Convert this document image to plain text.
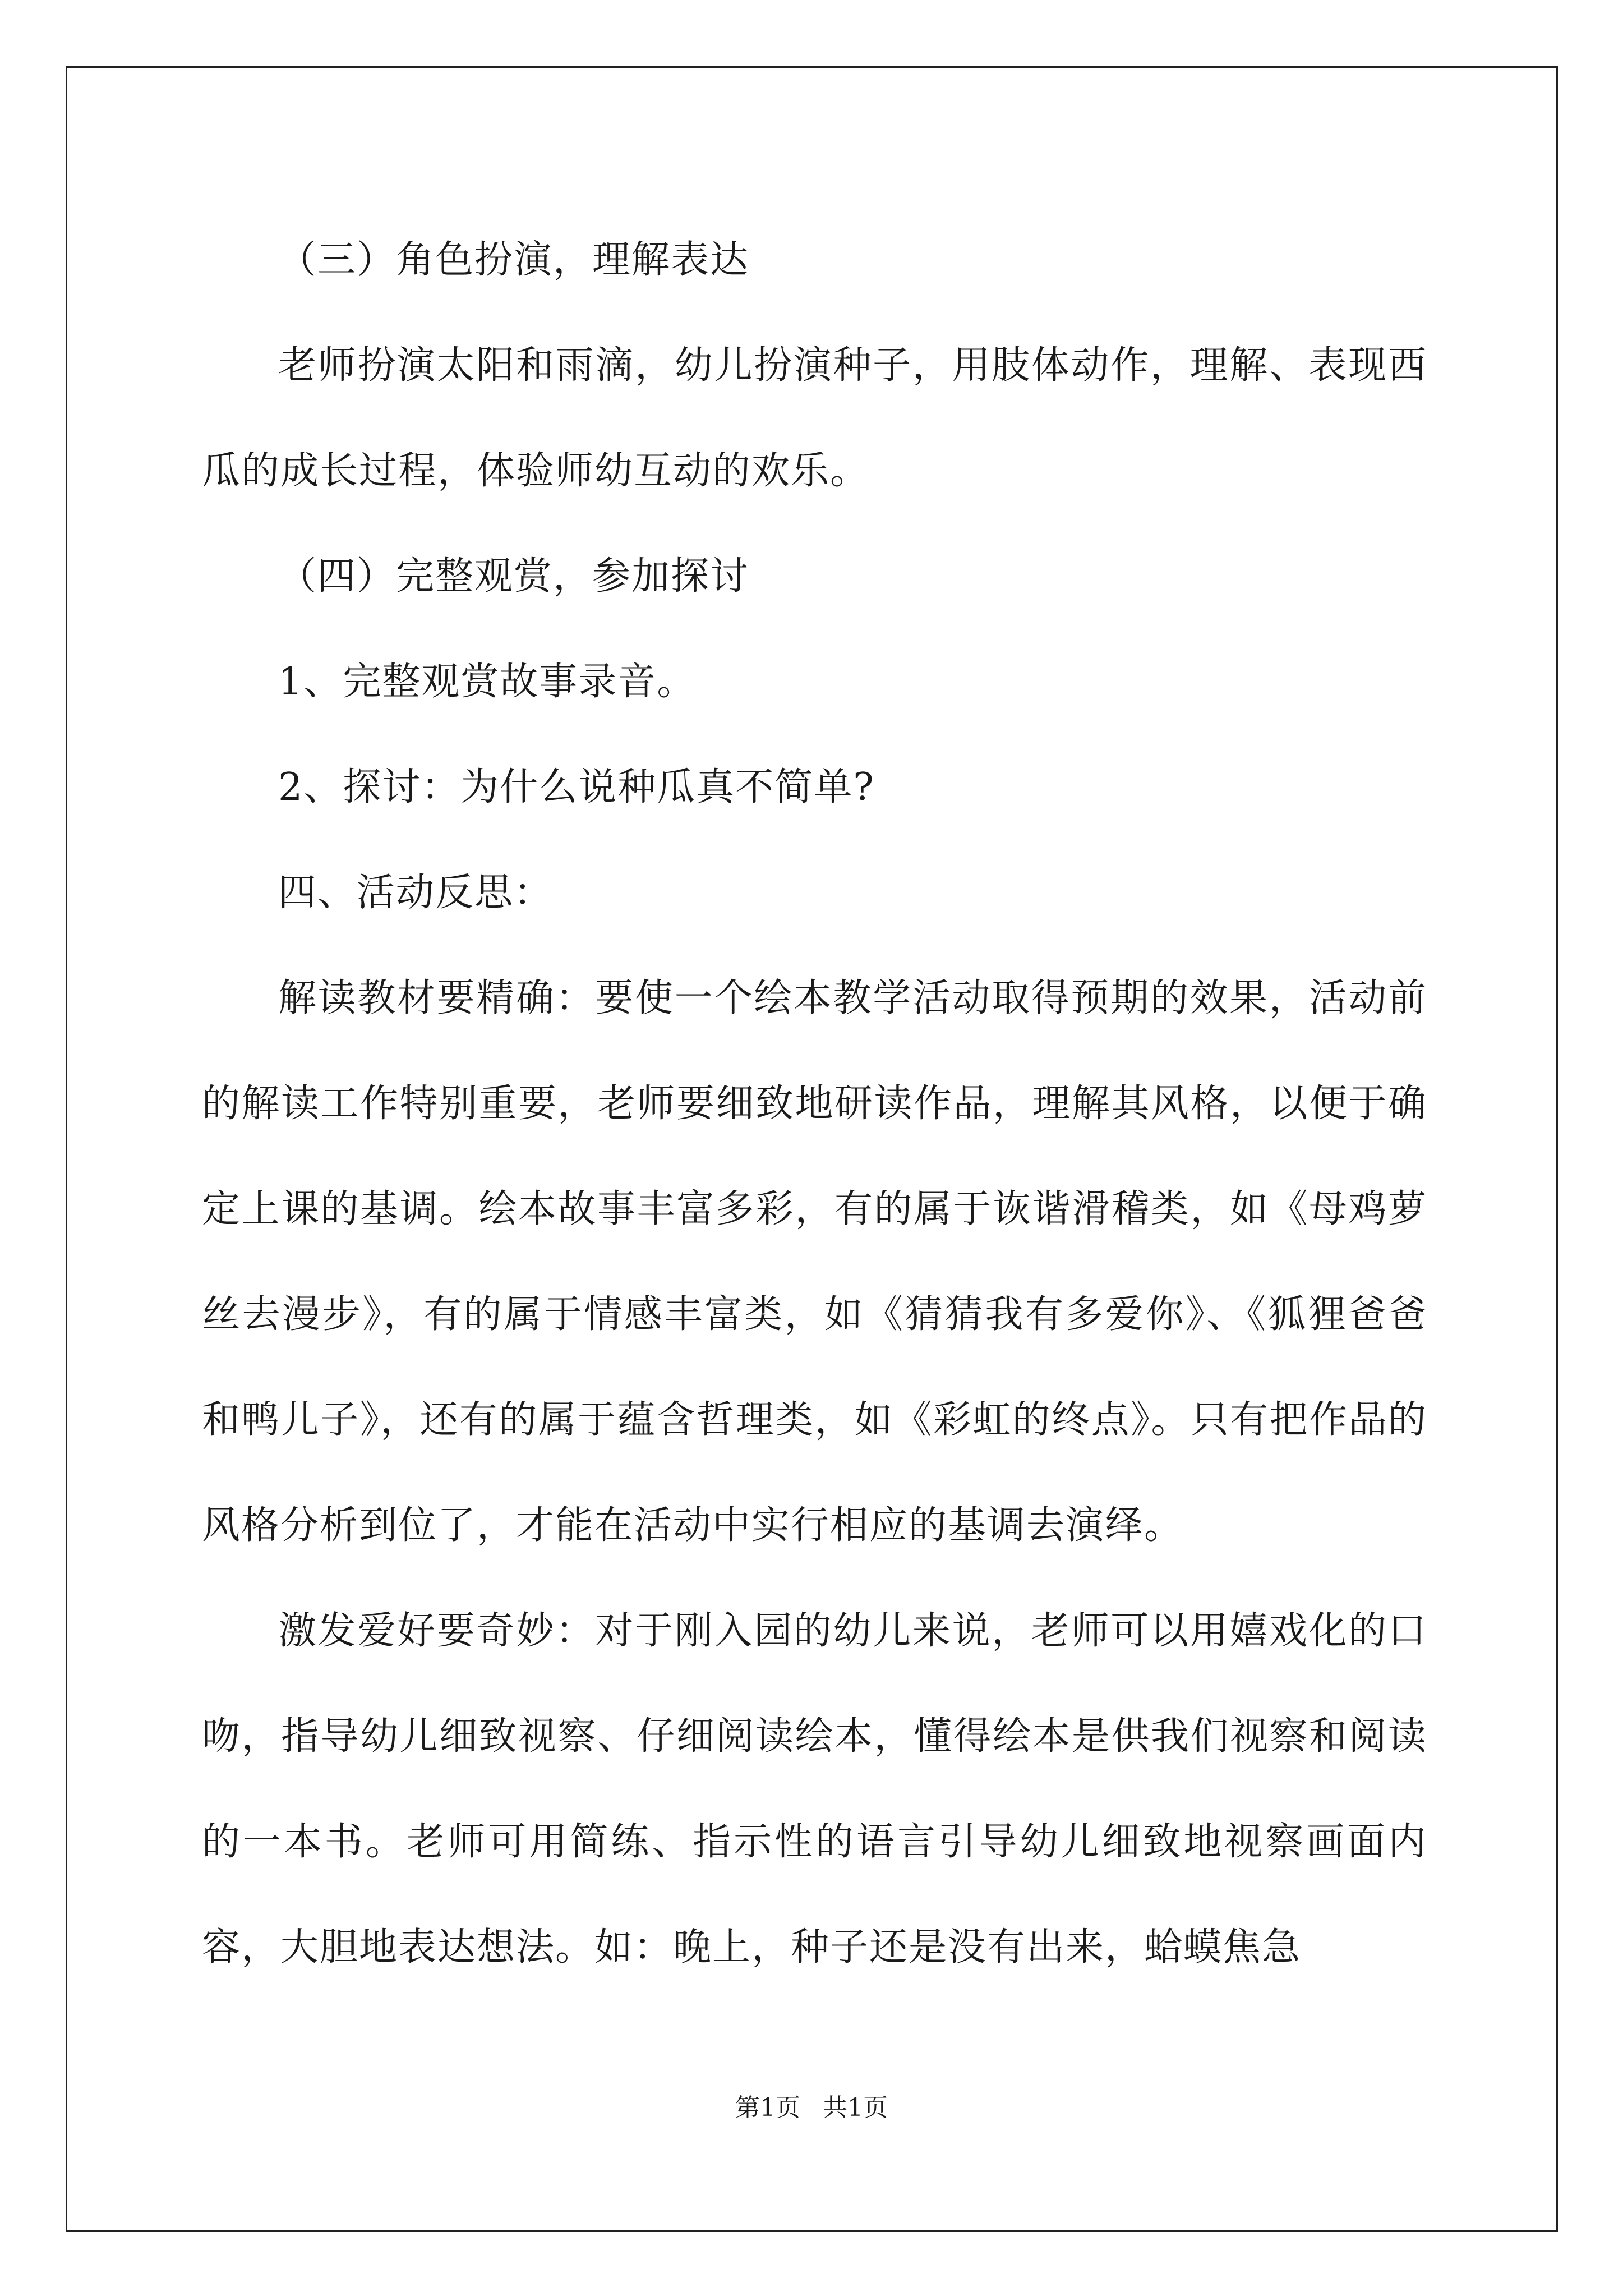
（三）角色扮演，理解表达

老师扮演太阳和雨滴，幼儿扮演种子，用肢体动作，理解、表现西瓜的成长过程，体验师幼互动的欢乐。

（四）完整观赏，参加探讨

1、完整观赏故事录音。

2、探讨：为什么说种瓜真不简单?

四、活动反思：

解读教材要精确：要使一个绘本教学活动取得预期的效果，活动前的解读工作特别重要，老师要细致地研读作品，理解其风格，以便于确定上课的基调。绘本故事丰富多彩，有的属于诙谐滑稽类，如《母鸡萝丝去漫步》，有的属于情感丰富类，如《猜猜我有多爱你》、《狐狸爸爸和鸭儿子》，还有的属于蕴含哲理类，如《彩虹的终点》。只有把作品的风格分析到位了，才能在活动中实行相应的基调去演绎。

激发爱好要奇妙：对于刚入园的幼儿来说，老师可以用嬉戏化的口吻，指导幼儿细致视察、仔细阅读绘本，懂得绘本是供我们视察和阅读的一本书。老师可用简练、指示性的语言引导幼儿细致地视察画面内容，大胆地表达想法。如：晚上，种子还是没有出来，蛤蟆焦急

第1页 共1页
